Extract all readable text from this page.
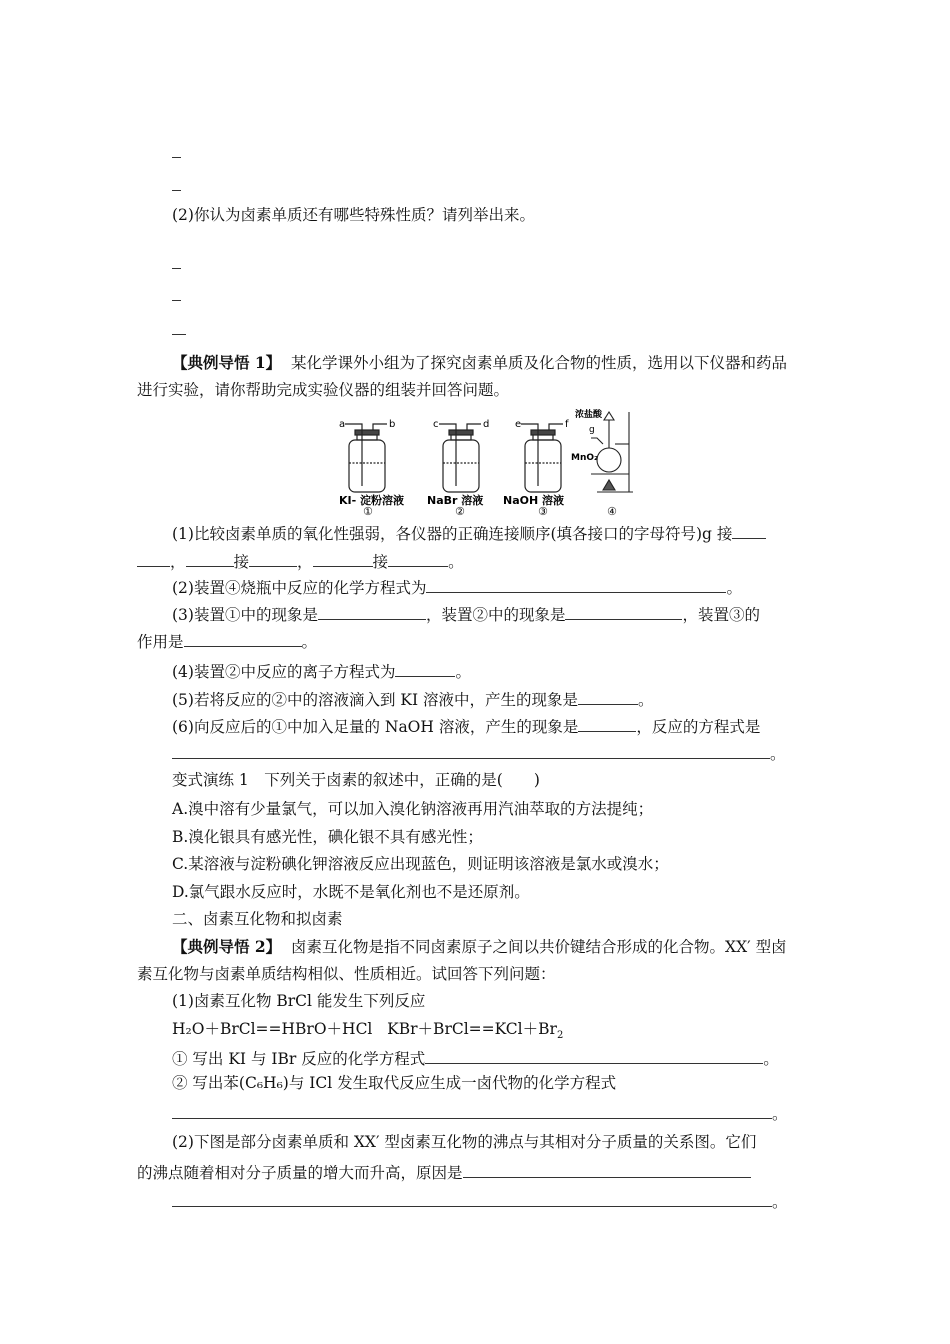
(2)你认为卤素单质还有哪些特殊性质？请列举出来。
【典例导悟 1】 某化学课外小组为了探究卤素单质及化合物的性质，选用以下仪器和药品
进行实验，请你帮助完成实验仪器的组装并回答问题。
a	b	c	d	e	f
浓盐酸
g
MnO₂
KI- 淀粉溶液 NaBr 溶液 NaOH 溶液
①	②	③	④
(1)比较卤素单质的氧化性强弱，各仪器的正确连接顺序(填各接口的字母符号)g 接
，	接	，	接	。
(2)装置④烧瓶中反应的化学方程式为	。
(3)装置①中的现象是	，装置②中的现象是	，装置③的
作用是	。
(4)装置②中反应的离子方程式为	。
(5)若将反应的②中的溶液滴入到 KI 溶液中，产生的现象是	。
(6)向反应后的①中加入足量的 NaOH 溶液，产生的现象是	，反应的方程式是
。
变式演练 1　下列关于卤素的叙述中，正确的是(　　)
A.溴中溶有少量氯气，可以加入溴化钠溶液再用汽油萃取的方法提纯；
B.溴化银具有感光性，碘化银不具有感光性；
C.某溶液与淀粉碘化钾溶液反应出现蓝色，则证明该溶液是氯水或溴水；
D.氯气跟水反应时，水既不是氧化剂也不是还原剂。
二、卤素互化物和拟卤素
【典例导悟 2】 卤素互化物是指不同卤素原子之间以共价键结合形成的化合物。XX′ 型卤
素互化物与卤素单质结构相似、性质相近。试回答下列问题：
(1)卤素互化物 BrCl 能发生下列反应
H₂O＋BrCl==HBrO＋HCl $KBr+BrCl==KCl+Br_2$
① 写出 KI 与 IBr 反应的化学方程式	。
② 写出苯(C₆H₆)与 ICl 发生取代反应生成一卤代物的化学方程式
。
(2)下图是部分卤素单质和 XX′ 型卤素互化物的沸点与其相对分子质量的关系图。它们
的沸点随着相对分子质量的增大而升高，原因是
。
